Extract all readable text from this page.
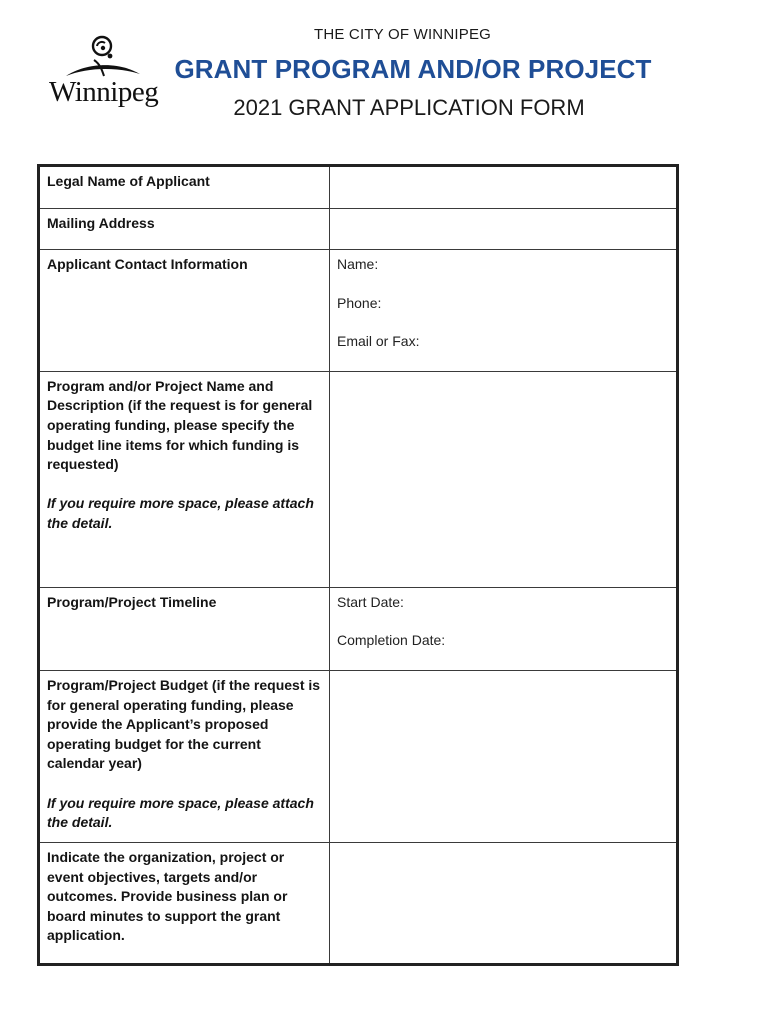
Winnipeg
THE CITY OF WINNIPEG
GRANT PROGRAM AND/OR PROJECT
2021 GRANT APPLICATION FORM
Legal Name of Applicant	
Mailing Address	
Applicant Contact Information	Name:
Phone:
Email or Fax:

Program and/or Project Name and Description (if the request is for general operating funding, please specify the budget line items for which funding is requested)
If you require more space, please attach the detail.	

Program/Project Timeline	Start Date:
Completion Date:

Program/Project Budget (if the request is for general operating funding, please provide the Applicant’s proposed operating budget for the current calendar year)
If you require more space, please attach the detail.	

Indicate the organization, project or event objectives, targets and/or outcomes. Provide business plan or board minutes to support the grant application.	
